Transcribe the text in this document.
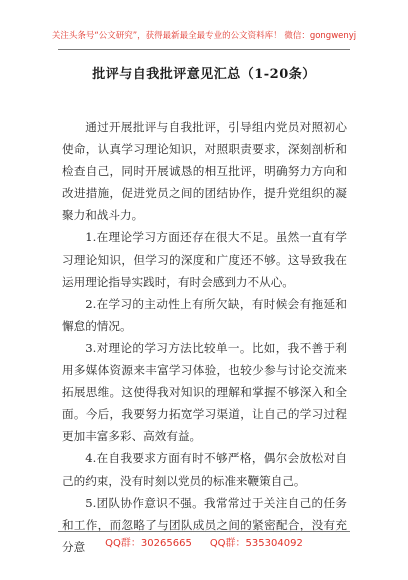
关注头条号“公文研究”，获得最新最全最专业的公文资料库！ 微信：gongwenyj
批评与自我批评意见汇总（1-20条）

通过开展批评与自我批评，引导组内党员对照初心使命，认真学习理论知识，对照职责要求，深刻剖析和检查自己，同时开展诚恳的相互批评，明确努力方向和改进措施，促进党员之间的团结协作，提升党组织的凝聚力和战斗力。

1.在理论学习方面还存在很大不足。虽然一直有学习理论知识，但学习的深度和广度还不够。这导致我在运用理论指导实践时，有时会感到力不从心。

2.在学习的主动性上有所欠缺，有时候会有拖延和懈怠的情况。

3.对理论的学习方法比较单一。比如，我不善于利用多媒体资源来丰富学习体验，也较少参与讨论交流来拓展思维。这使得我对知识的理解和掌握不够深入和全面。今后，我要努力拓宽学习渠道，让自己的学习过程更加丰富多彩、高效有益。

4.在自我要求方面有时不够严格，偶尔会放松对自己的约束，没有时刻以党员的标准来鞭策自己。

5.团队协作意识不强。我常常过于关注自己的任务和工作，而忽略了与团队成员之间的紧密配合，没有充分意	QQ群：30265665 QQ群：535304092
